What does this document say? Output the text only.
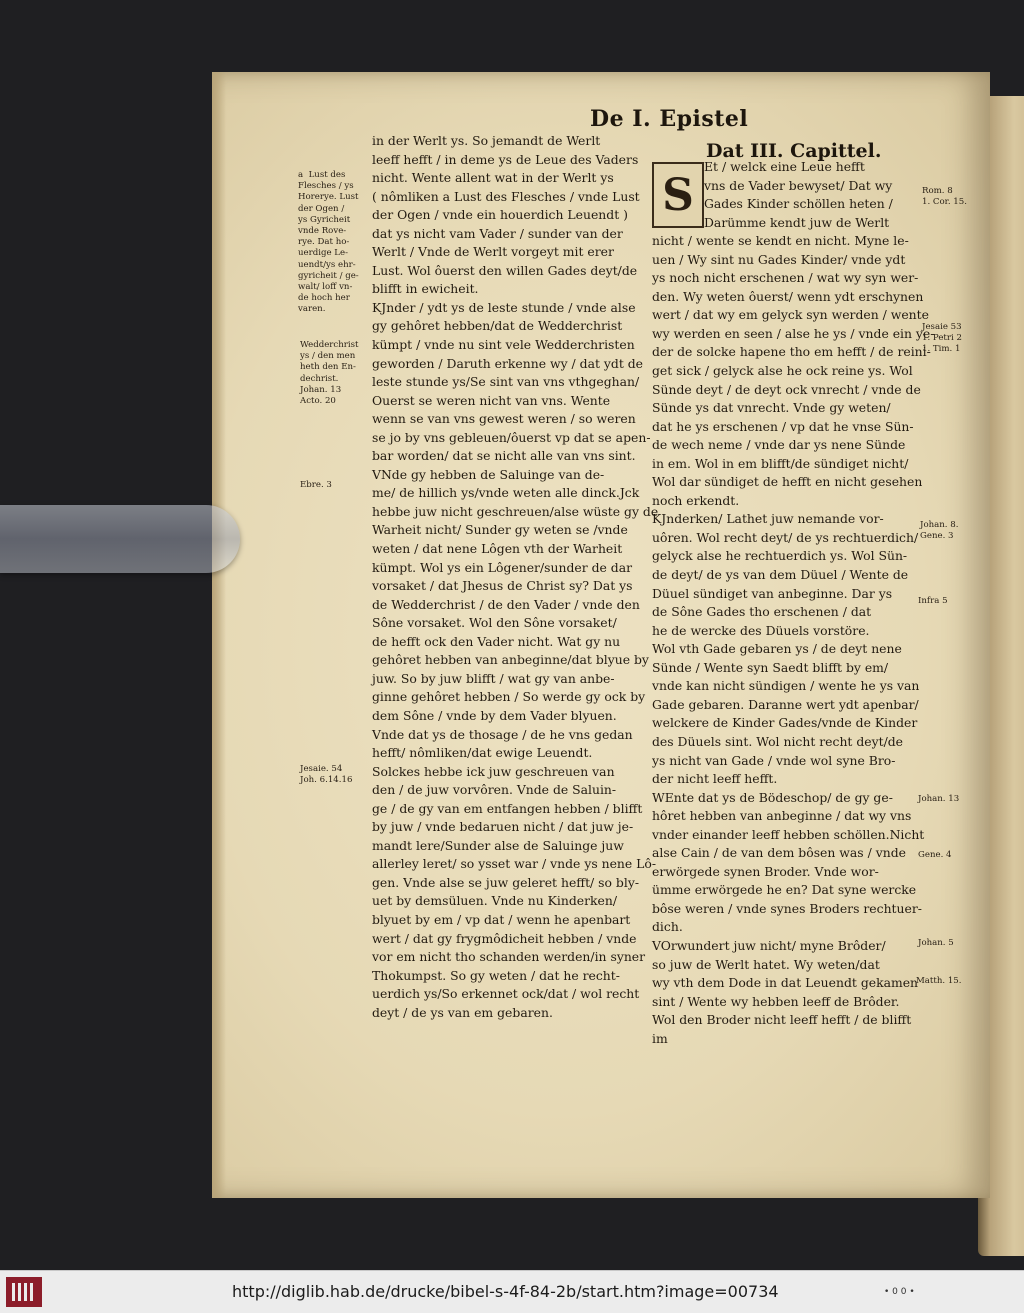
De I. Epistel
Dat III. Capittel.

in der Werlt ys. So jemandt de Werlt

leeff hefft / in deme ys de Leue des Vaders

nicht. Wente allent wat in der Werlt ys

( nômliken a Lust des Flesches / vnde Lust

der Ogen / vnde ein houerdich Leuendt )

dat ys nicht vam Vader / sunder van der

Werlt / Vnde de Werlt vorgeyt mit erer

Lust. Wol ôuerst den willen Gades deyt/de

blifft in ewicheit.

KJnder / ydt ys de leste stunde / vnde alse

gy gehôret hebben/dat de Wedderchrist

kümpt / vnde nu sint vele Wedderchristen

geworden / Daruth erkenne wy / dat ydt de

leste stunde ys/Se sint van vns vthgeghan/

Ouerst se weren nicht van vns. Wente

wenn se van vns gewest weren / so weren

se jo by vns gebleuen/ôuerst vp dat se apen-

bar worden/ dat se nicht alle van vns sint.

VNde gy hebben de Saluinge van de-

me/ de hillich ys/vnde weten alle dinck.Jck

hebbe juw nicht geschreuen/alse wüste gy de

Warheit nicht/ Sunder gy weten se /vnde

weten / dat nene Lôgen vth der Warheit

kümpt. Wol ys ein Lôgener/sunder de dar

vorsaket / dat Jhesus de Christ sy? Dat ys

de Wedderchrist / de den Vader / vnde den

Sône vorsaket. Wol den Sône vorsaket/

de hefft ock den Vader nicht. Wat gy nu

gehôret hebben van anbeginne/dat blyue by

juw. So by juw blifft / wat gy van anbe-

ginne gehôret hebben / So werde gy ock by

dem Sône / vnde by dem Vader blyuen.

Vnde dat ys de thosage / de he vns gedan

hefft/ nômliken/dat ewige Leuendt.

Solckes hebbe ick juw geschreuen van

den / de juw vorvôren. Vnde de Saluin-

ge / de gy van em entfangen hebben / blifft

by juw / vnde bedaruen nicht / dat juw je-

mandt lere/Sunder alse de Saluinge juw

allerley leret/ so ysset war / vnde ys nene Lô-

gen. Vnde alse se juw geleret hefft/ so bly-

uet by demsüluen. Vnde nu Kinderken/

blyuet by em / vp dat / wenn he apenbart

wert / dat gy frygmôdicheit hebben / vnde

vor em nicht tho schanden werden/in syner

Thokumpst. So gy weten / dat he recht-

uerdich ys/So erkennet ock/dat / wol recht

deyt / de ys van em gebaren.

S

Et / welck eine Leue hefft

vns de Vader bewyset/ Dat wy

Gades Kinder schöllen heten /

Darümme kendt juw de Werlt

nicht / wente se kendt en nicht. Myne le-

uen / Wy sint nu Gades Kinder/ vnde ydt

ys noch nicht erschenen / wat wy syn wer-

den. Wy weten ôuerst/ wenn ydt erschynen

wert / dat wy em gelyck syn werden / wente

wy werden en seen / alse he ys / vnde ein ye-

der de solcke hapene tho em hefft / de reini-

get sick / gelyck alse he ock reine ys. Wol

Sünde deyt / de deyt ock vnrecht / vnde de

Sünde ys dat vnrecht. Vnde gy weten/

dat he ys erschenen / vp dat he vnse Sün-

de wech neme / vnde dar ys nene Sünde

in em. Wol in em blifft/de sündiget nicht/

Wol dar sündiget de hefft en nicht gesehen

noch erkendt.

KJnderken/ Lathet juw nemande vor-

uôren. Wol recht deyt/ de ys rechtuerdich/

gelyck alse he rechtuerdich ys. Wol Sün-

de deyt/ de ys van dem Düuel / Wente de

Düuel sündiget van anbeginne. Dar ys

de Sône Gades tho erschenen / dat

he de wercke des Düuels vorstöre.

Wol vth Gade gebaren ys / de deyt nene

Sünde / Wente syn Saedt blifft by em/

vnde kan nicht sündigen / wente he ys van

Gade gebaren. Daranne wert ydt apenbar/

welckere de Kinder Gades/vnde de Kinder

des Düuels sint. Wol nicht recht deyt/de

ys nicht van Gade / vnde wol syne Bro-

der nicht leeff hefft.

WEnte dat ys de Bödeschop/ de gy ge-

hôret hebben van anbeginne / dat wy vns

vnder einander leeff hebben schöllen.Nicht

alse Cain / de van dem bôsen was / vnde

erwörgede synen Broder. Vnde wor-

ümme erwörgede he en? Dat syne wercke

bôse weren / vnde synes Broders rechtuer-

dich.

VOrwundert juw nicht/ myne Brôder/

so juw de Werlt hatet. Wy weten/dat

wy vth dem Dode in dat Leuendt gekamen

sint / Wente wy hebben leeff de Brôder.

Wol den Broder nicht leeff hefft / de blifft

im

a  Lust des
Flesches / ys
Horerye. Lust
der Ogen /
ys Gyricheit
vnde Rove-
rye. Dat ho-
uerdige Le-
uendt/ys ehr-
gyricheit / ge-
walt/ loff vn-
de hoch her
varen.
Wedderchrist
ys / den men
heth den En-
dechrist.
Johan. 13
Acto. 20
Ebre. 3
Jesaie. 54
Joh. 6.14.16
Rom. 8
1. Cor. 15.
Jesaie 53
1. Petri 2
1. Tim. 1
Johan. 8.
Gene. 3
Infra 5
Johan. 13
Gene. 4
Johan. 5
Matth. 15.
http://diglib.hab.de/drucke/bibel-s-4f-84-2b/start.htm?image=00734	• 0 0 •
